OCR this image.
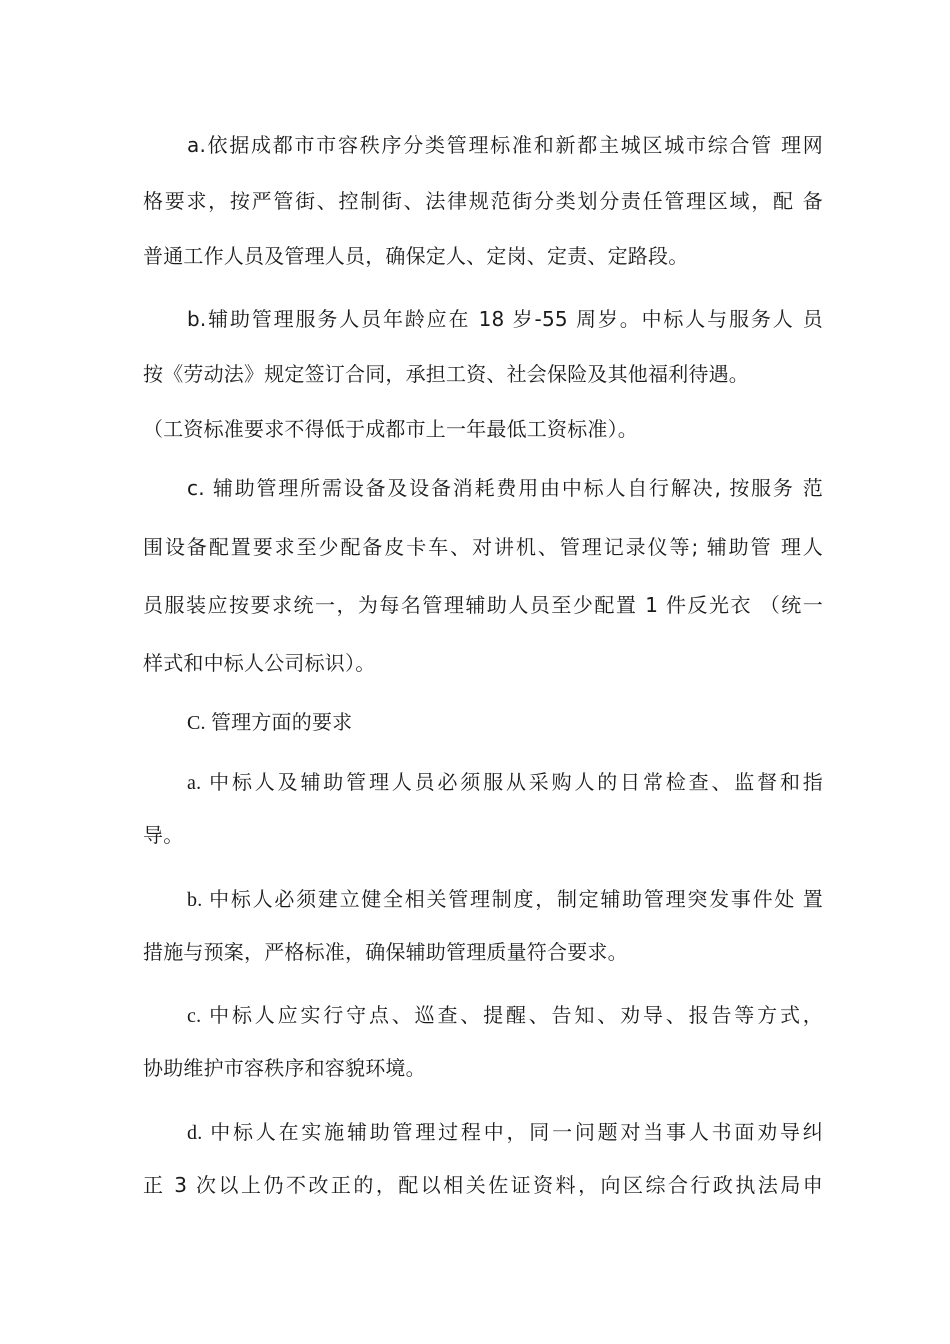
a.依据成都市市容秩序分类管理标准和新都主城区城市综合管 理网
格要求，按严管街、控制街、法律规范街分类划分责任管理区域，配 备
普通工作人员及管理人员，确保定人、定岗、定责、定路段。
b.辅助管理服务人员年龄应在 18 岁-55 周岁。中标人与服务人 员
按《劳动法》规定签订合同，承担工资、社会保险及其他福利待遇。
（工资标准要求不得低于成都市上一年最低工资标准）。
c. 辅助管理所需设备及设备消耗费用由中标人自行解决, 按服务 范
围设备配置要求至少配备皮卡车、对讲机、管理记录仪等; 辅助管 理人
员服装应按要求统一，为每名管理辅助人员至少配置 1 件反光衣 （统一
样式和中标人公司标识）。
C. 管理方面的要求
a. 中标人及辅助管理人员必须服从采购人的日常检查、监督和指
导。
b. 中标人必须建立健全相关管理制度，制定辅助管理突发事件处 置
措施与预案，严格标准，确保辅助管理质量符合要求。
c. 中标人应实行守点、巡查、提醒、告知、劝导、报告等方式，
协助维护市容秩序和容貌环境。
d. 中标人在实施辅助管理过程中，同一问题对当事人书面劝导纠
正 3 次以上仍不改正的，配以相关佐证资料，向区综合行政执法局申
